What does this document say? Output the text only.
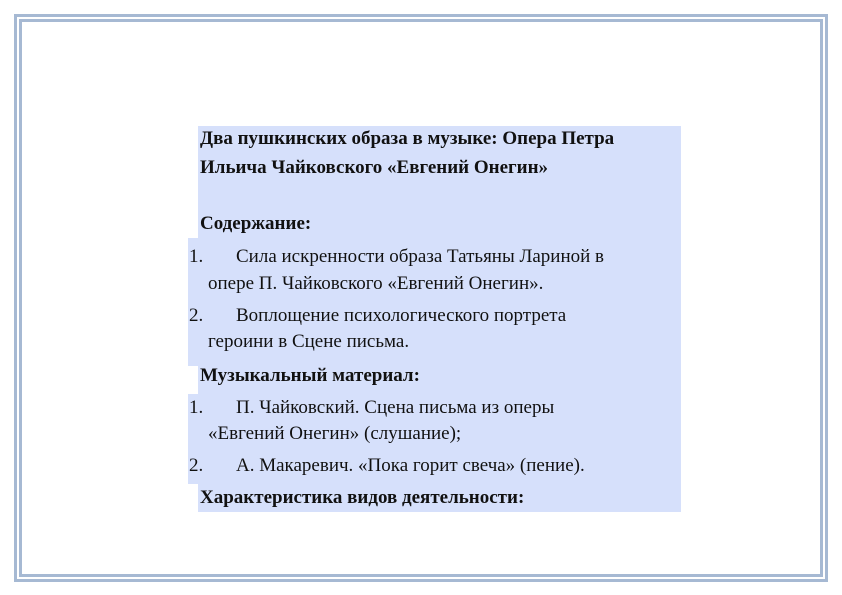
Два пушкинских образа в музыке: Опера Петра
Ильича Чайковского «Евгений Онегин»
Содержание:
1. Сила искренности образа Татьяны Лариной в
опере П. Чайковского «Евгений Онегин».
2. Воплощение психологического портрета
героини в Сцене письма.
Музыкальный материал:
1. П. Чайковский. Сцена письма из оперы
«Евгений Онегин» (слушание);
2. А. Макаревич. «Пока горит свеча» (пение).
Характеристика видов деятельности:
